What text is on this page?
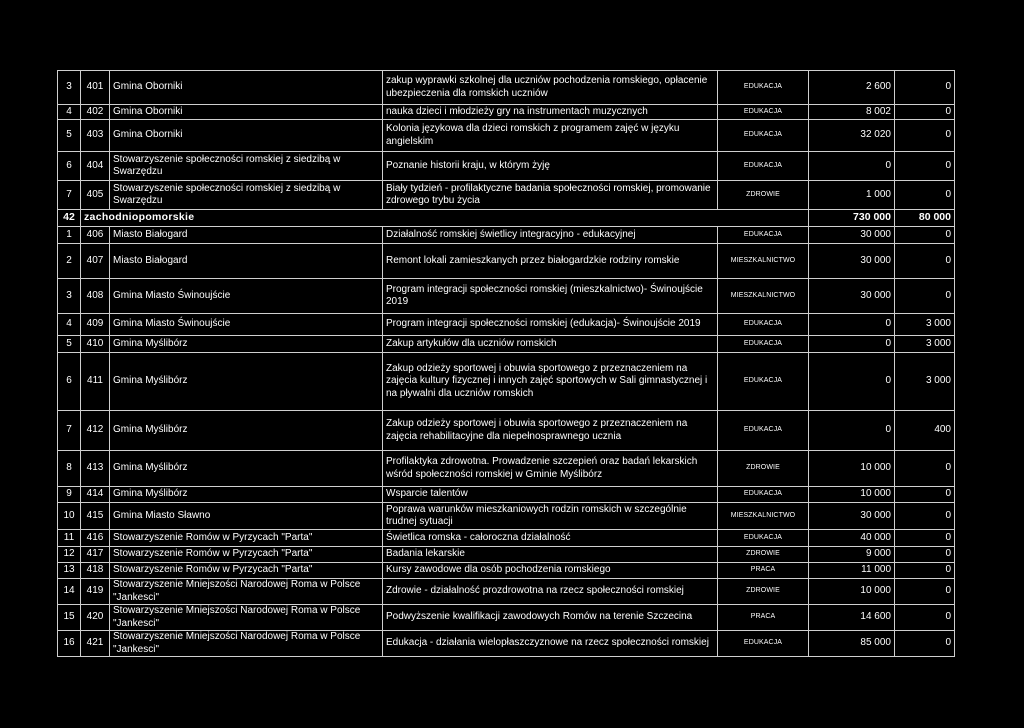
3	401	Gmina Oborniki	zakup wyprawki szkolnej dla uczniów pochodzenia romskiego, opłacenie ubezpieczenia dla romskich uczniów	EDUKACJA	2 600	0
4	402	Gmina Oborniki	nauka dzieci i młodzieży gry na instrumentach muzycznych	EDUKACJA	8 002	0
5	403	Gmina Oborniki	Kolonia językowa dla dzieci romskich z programem zajęć w języku angielskim	EDUKACJA	32 020	0
6	404	Stowarzyszenie społeczności romskiej z siedzibą w Swarzędzu	Poznanie historii kraju, w którym żyję	EDUKACJA	0	0
7	405	Stowarzyszenie społeczności romskiej z siedzibą w Swarzędzu	Biały tydzień - profilaktyczne badania społeczności romskiej, promowanie zdrowego trybu życia	ZDROWIE	1 000	0
42	zachodniopomorskie				730 000	80 000
1	406	Miasto Białogard	Działalność romskiej świetlicy integracyjno - edukacyjnej	EDUKACJA	30 000	0
2	407	Miasto Białogard	Remont lokali zamieszkanych przez białogardzkie rodziny romskie	MIESZKALNICTWO	30 000	0
3	408	Gmina Miasto Świnoujście	Program integracji społeczności romskiej (mieszkalnictwo)- Świnoujście 2019	MIESZKALNICTWO	30 000	0
4	409	Gmina Miasto Świnoujście	Program integracji społeczności romskiej (edukacja)- Świnoujście 2019	EDUKACJA	0	3 000
5	410	Gmina Myślibórz	Zakup artykułów dla uczniów romskich	EDUKACJA	0	3 000
6	411	Gmina Myślibórz	Zakup odzieży sportowej i obuwia sportowego z przeznaczeniem na zajęcia kultury fizycznej i innych zajęć sportowych w Sali gimnastycznej i na pływalni dla uczniów romskich	EDUKACJA	0	3 000
7	412	Gmina Myślibórz	Zakup odzieży sportowej i obuwia sportowego z przeznaczeniem na zajęcia rehabilitacyjne dla niepełnosprawnego ucznia	EDUKACJA	0	400
8	413	Gmina Myślibórz	Profilaktyka zdrowotna. Prowadzenie szczepień oraz badań lekarskich wśród społeczności romskiej w Gminie Myślibórz	ZDROWIE	10 000	0
9	414	Gmina Myślibórz	Wsparcie talentów	EDUKACJA	10 000	0
10	415	Gmina Miasto Sławno	Poprawa warunków mieszkaniowych rodzin romskich w szczególnie trudnej sytuacji	MIESZKALNICTWO	30 000	0
11	416	Stowarzyszenie Romów w Pyrzycach "Parta"	Świetlica romska - całoroczna działalność	EDUKACJA	40 000	0
12	417	Stowarzyszenie Romów w Pyrzycach "Parta"	Badania lekarskie	ZDROWIE	9 000	0
13	418	Stowarzyszenie Romów w Pyrzycach "Parta"	Kursy zawodowe dla osób pochodzenia romskiego	PRACA	11 000	0
14	419	Stowarzyszenie Mniejszości Narodowej Roma w Polsce "Jankesci"	Zdrowie - działalność prozdrowotna na rzecz społeczności romskiej	ZDROWIE	10 000	0
15	420	Stowarzyszenie Mniejszości Narodowej Roma w Polsce "Jankesci"	Podwyższenie kwalifikacji zawodowych Romów na terenie Szczecina	PRACA	14 600	0
16	421	Stowarzyszenie Mniejszości Narodowej Roma w Polsce "Jankesci"	Edukacja - działania wielopłaszczyznowe na rzecz społeczności romskiej	EDUKACJA	85 000	0
